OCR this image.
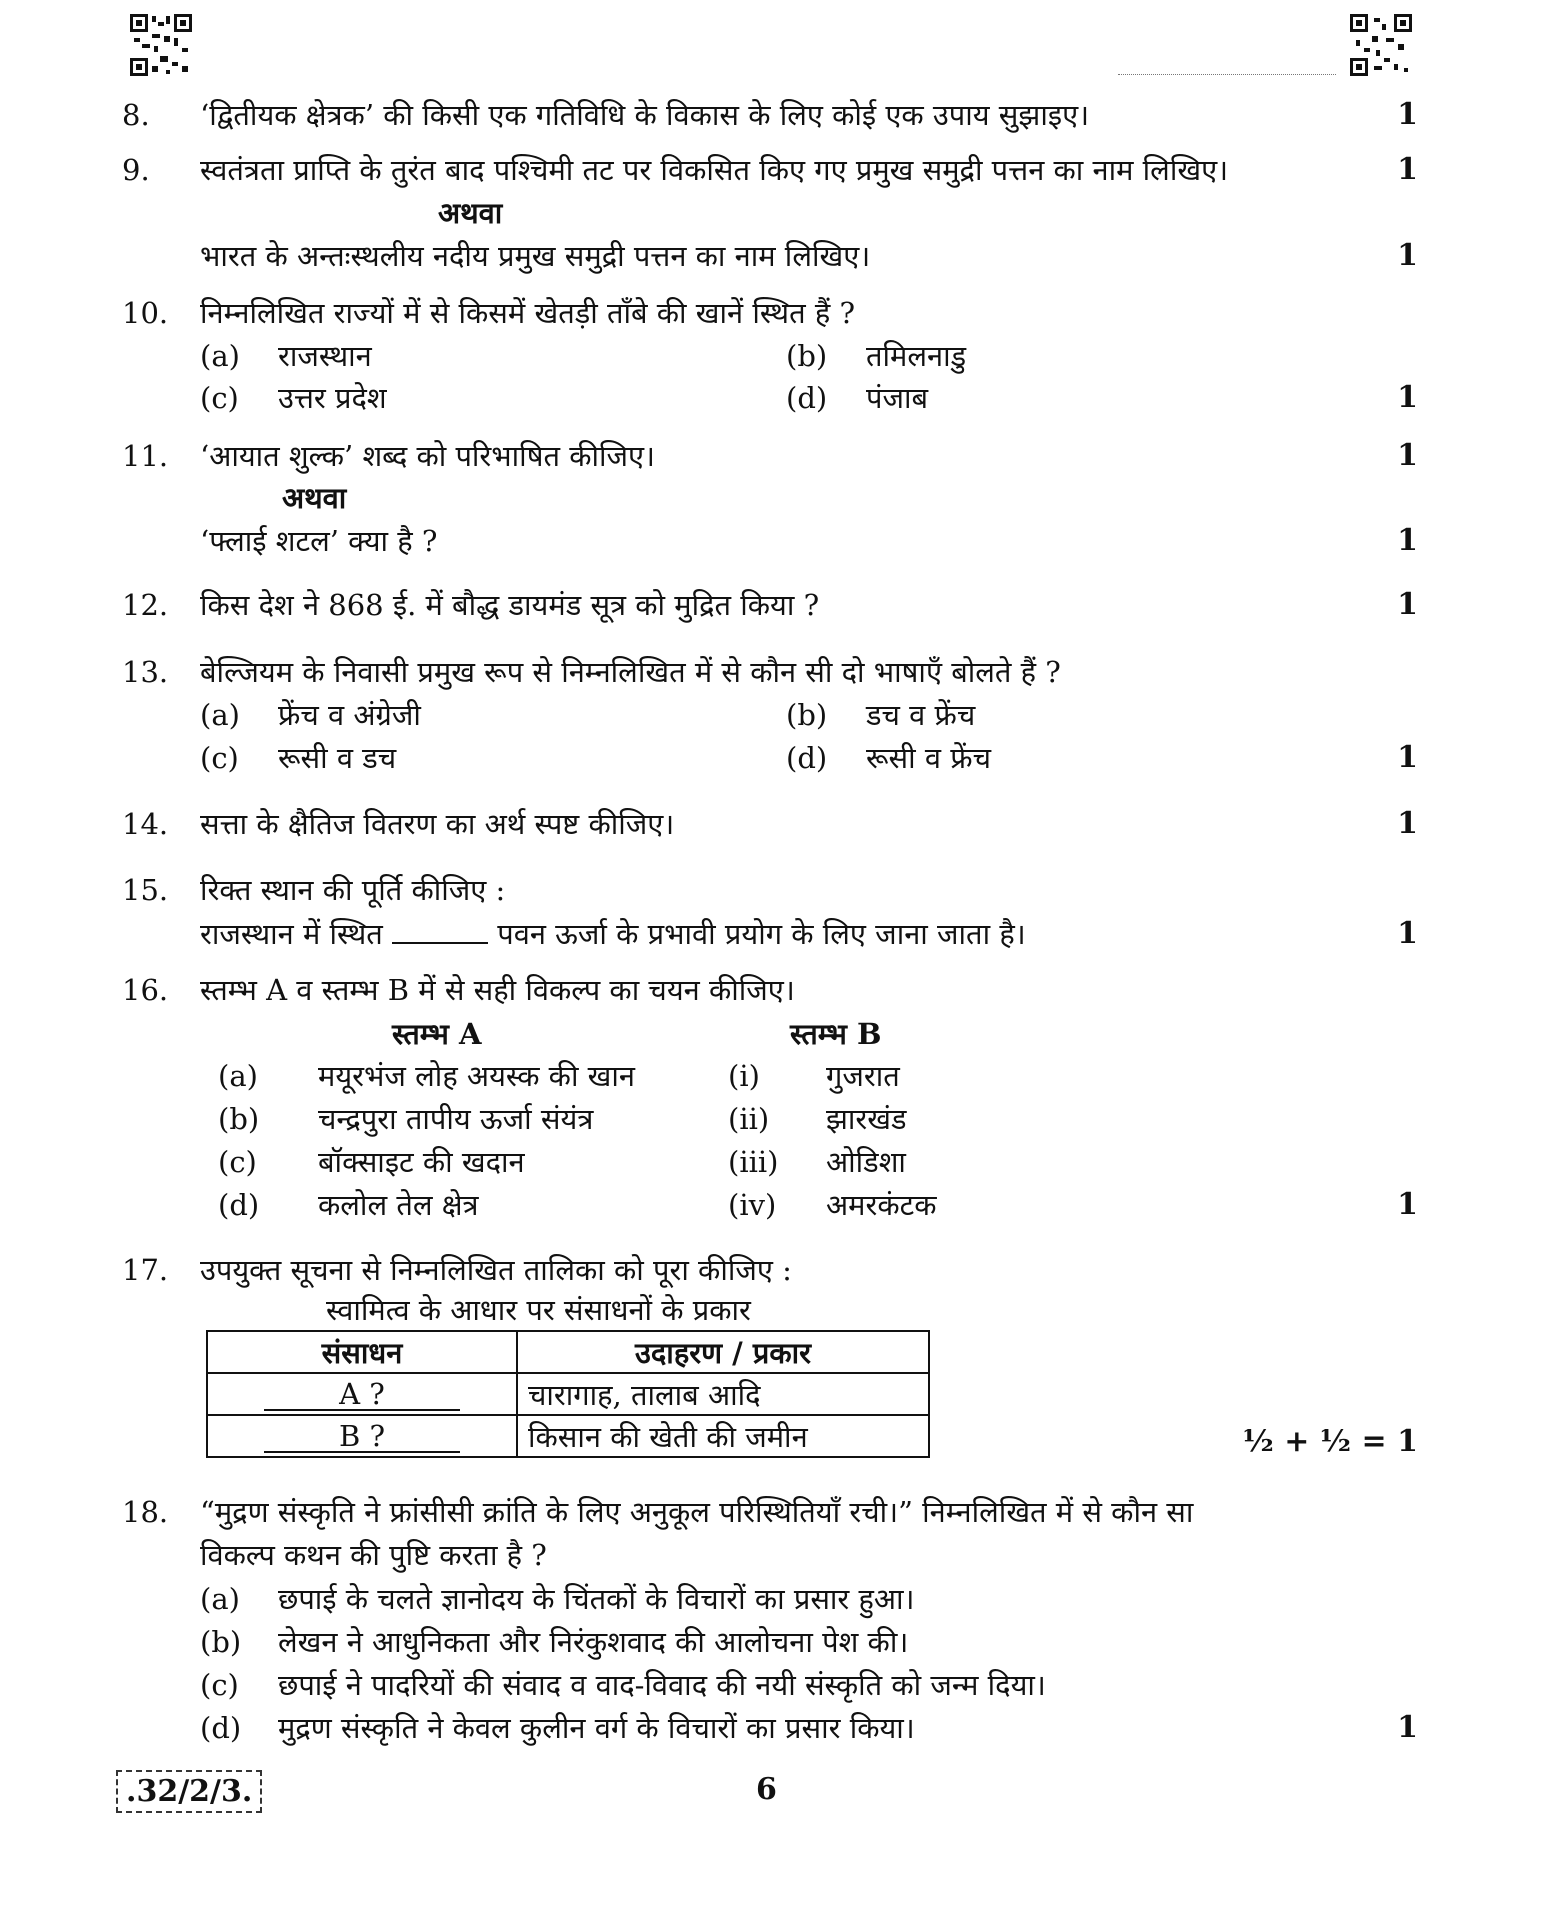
8. ‘द्वितीयक क्षेत्रक’ की किसी एक गतिविधि के विकास के लिए कोई एक उपाय सुझाइए।	1
9. स्वतंत्रता प्राप्ति के तुरंत बाद पश्चिमी तट पर विकसित किए गए प्रमुख समुद्री पत्तन का नाम लिखिए।	1
अथवा
भारत के अन्तःस्थलीय नदीय प्रमुख समुद्री पत्तन का नाम लिखिए।	1
10. निम्नलिखित राज्यों में से किसमें खेतड़ी ताँबे की खानें स्थित हैं ?
(a) राजस्थान	(b) तमिलनाडु
(c) उत्तर प्रदेश	(d) पंजाब	1
11. ‘आयात शुल्क’ शब्द को परिभाषित कीजिए।	1
अथवा
‘फ्लाई शटल’ क्या है ?	1
12. किस देश ने 868 ई. में बौद्ध डायमंड सूत्र को मुद्रित किया ?	1
13. बेल्जियम के निवासी प्रमुख रूप से निम्नलिखित में से कौन सी दो भाषाएँ बोलते हैं ?
(a) फ्रेंच व अंग्रेजी	(b) डच व फ्रेंच
(c) रूसी व डच	(d) रूसी व फ्रेंच	1
14. सत्ता के क्षैतिज वितरण का अर्थ स्पष्ट कीजिए।	1
15. रिक्त स्थान की पूर्ति कीजिए :
राजस्थान में स्थित	पवन ऊर्जा के प्रभावी प्रयोग के लिए जाना जाता है।	1
16. स्तम्भ A व स्तम्भ B में से सही विकल्प का चयन कीजिए।
स्तम्भ A	स्तम्भ B
(a) मयूरभंज लोह अयस्क की खान	(i) गुजरात
(b) चन्द्रपुरा तापीय ऊर्जा संयंत्र	(ii) झारखंड
(c) बॉक्साइट की खदान	(iii) ओडिशा
(d) कलोल तेल क्षेत्र	(iv) अमरकंटक	1
17. उपयुक्त सूचना से निम्नलिखित तालिका को पूरा कीजिए :
स्वामित्व के आधार पर संसाधनों के प्रकार
संसाधन	उदाहरण / प्रकार
A ?	चारागाह, तालाब आदि
B ?	किसान की खेती की जमीन	½ + ½ = 1
18. “मुद्रण संस्कृति ने फ्रांसीसी क्रांति के लिए अनुकूल परिस्थितियाँ रची।” निम्नलिखित में से कौन सा
विकल्प कथन की पुष्टि करता है ?
(a) छपाई के चलते ज्ञानोदय के चिंतकों के विचारों का प्रसार हुआ।
(b) लेखन ने आधुनिकता और निरंकुशवाद की आलोचना पेश की।
(c) छपाई ने पादरियों की संवाद व वाद-विवाद की नयी संस्कृति को जन्म दिया।
(d) मुद्रण संस्कृति ने केवल कुलीन वर्ग के विचारों का प्रसार किया।	1
.32/2/3.	6
